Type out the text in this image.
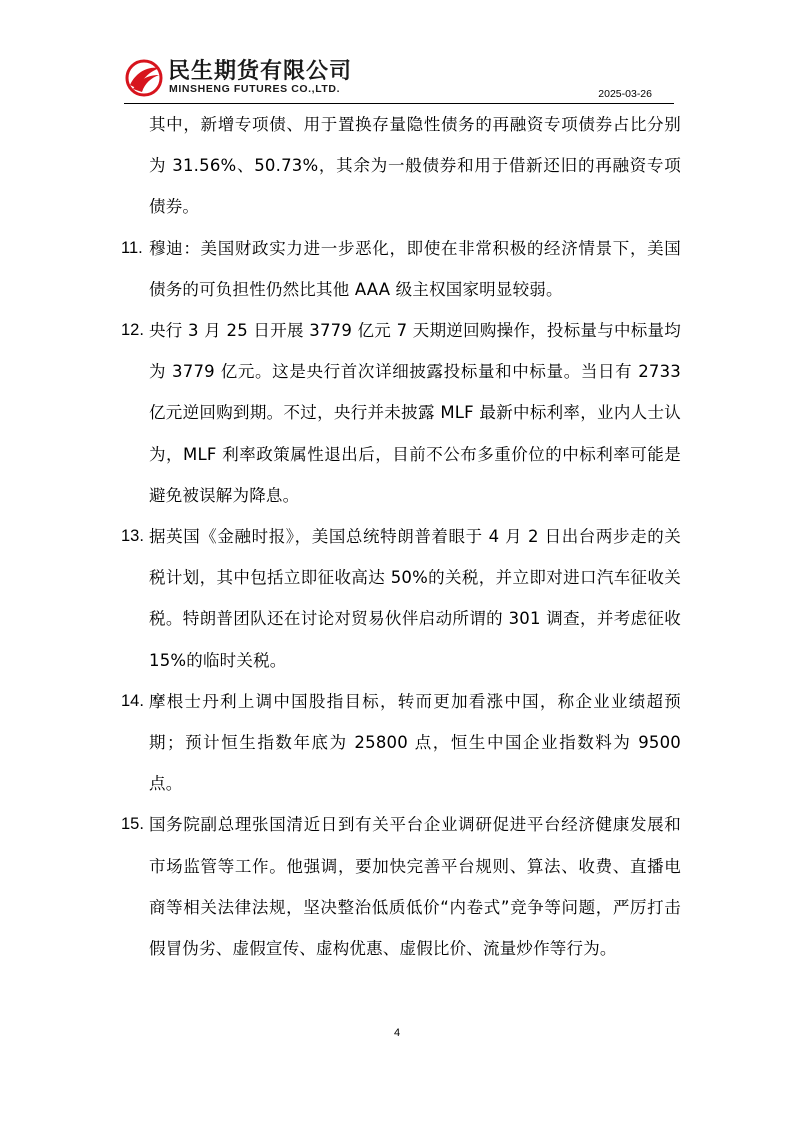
民生期货有限公司
MINSHENG FUTURES CO.,LTD.	2025-03-26
其中，新增专项债、用于置换存量隐性债务的再融资专项债券占比分别为 31.56%、50.73%，其余为一般债券和用于借新还旧的再融资专项债券。
11. 穆迪：美国财政实力进一步恶化，即使在非常积极的经济情景下，美国债务的可负担性仍然比其他 AAA 级主权国家明显较弱。
12. 央行 3 月 25 日开展 3779 亿元 7 天期逆回购操作，投标量与中标量均为 3779 亿元。这是央行首次详细披露投标量和中标量。当日有 2733 亿元逆回购到期。不过，央行并未披露 MLF 最新中标利率，业内人士认为，MLF 利率政策属性退出后，目前不公布多重价位的中标利率可能是避免被误解为降息。
13. 据英国《金融时报》，美国总统特朗普着眼于 4 月 2 日出台两步走的关税计划，其中包括立即征收高达 50%的关税，并立即对进口汽车征收关税。特朗普团队还在讨论对贸易伙伴启动所谓的 301 调查，并考虑征收 15%的临时关税。
14. 摩根士丹利上调中国股指目标，转而更加看涨中国，称企业业绩超预期；预计恒生指数年底为 25800 点，恒生中国企业指数料为 9500 点。
15. 国务院副总理张国清近日到有关平台企业调研促进平台经济健康发展和市场监管等工作。他强调，要加快完善平台规则、算法、收费、直播电商等相关法律法规，坚决整治低质低价“内卷式”竞争等问题，严厉打击假冒伪劣、虚假宣传、虚构优惠、虚假比价、流量炒作等行为。
4
